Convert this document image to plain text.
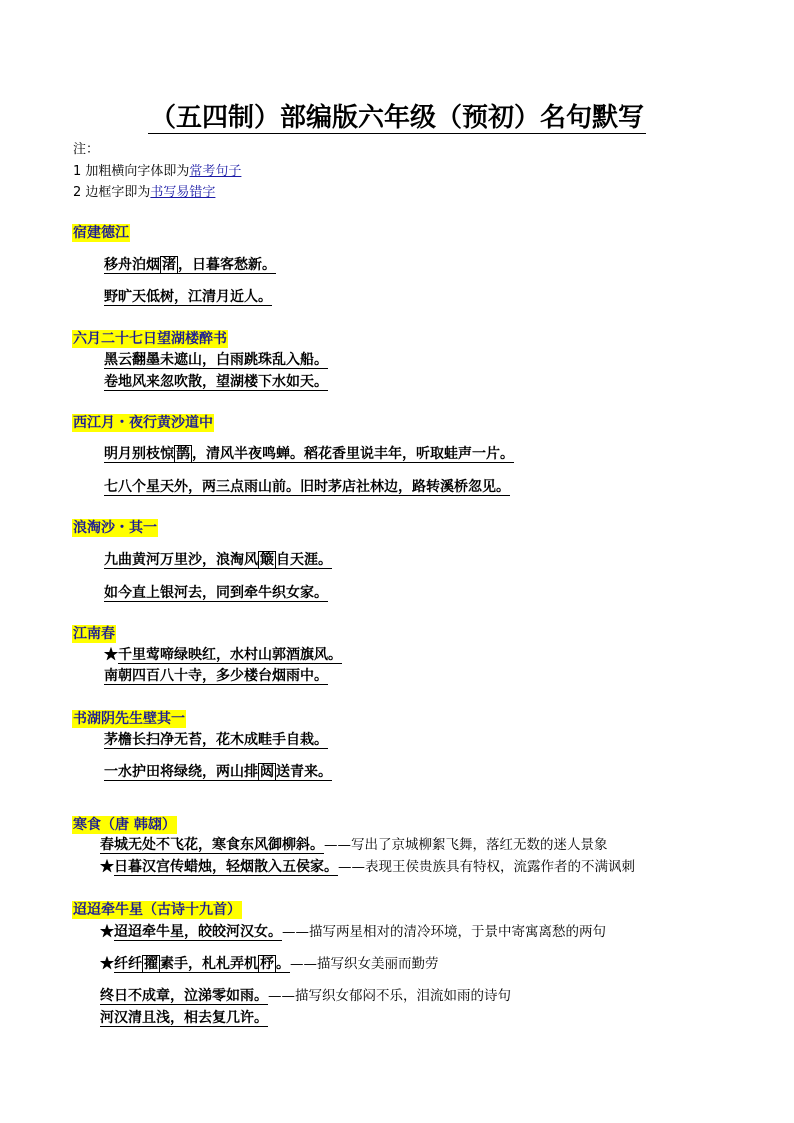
（五四制）部编版六年级（预初）名句默写
注：
1 加粗横向字体即为常考句子
2 边框字即为书写易错字
宿建德江
移舟泊烟 渚 ，日暮客愁新。
野旷天低树，江清月近人。
六月二十七日望湖楼醉书
黑云翻墨未遮山，白雨跳珠乱入船。
卷地风来忽吹散，望湖楼下水如天。
西江月・夜行黄沙道中
明月别枝惊 鹊 ，清风半夜鸣蝉。稻花香里说丰年，听取蛙声一片。
七八个星天外，两三点雨山前。旧时茅店社林边，路转溪桥忽见。
浪淘沙・其一
九曲黄河万里沙，浪淘风 簸 自天涯。
如今直上银河去，同到牵牛织女家。
江南春
★千里莺啼绿映红，水村山郭酒旗风。
南朝四百八十寺，多少楼台烟雨中。
书湖阴先生壁其一
茅檐长扫净无苔，花木成畦手自栽。
一水护田将绿绕，两山排 闼 送青来。
寒食（唐 韩翃）
春城无处不飞花，寒食东风御柳斜。——写出了京城柳絮飞舞，落红无数的迷人景象
★日暮汉宫传蜡烛，轻烟散入五侯家。——表现王侯贵族具有特权，流露作者的不满讽刺
迢迢牵牛星（古诗十九首）
★迢迢牵牛星，皎皎河汉女。——描写两星相对的清冷环境，于景中寄寓离愁的两句
★纤纤 擢 素手，札札弄机 杼 。——描写织女美丽而勤劳
终日不成章，泣涕零如雨。——描写织女郁闷不乐，泪流如雨的诗句
河汉清且浅，相去复几许。
